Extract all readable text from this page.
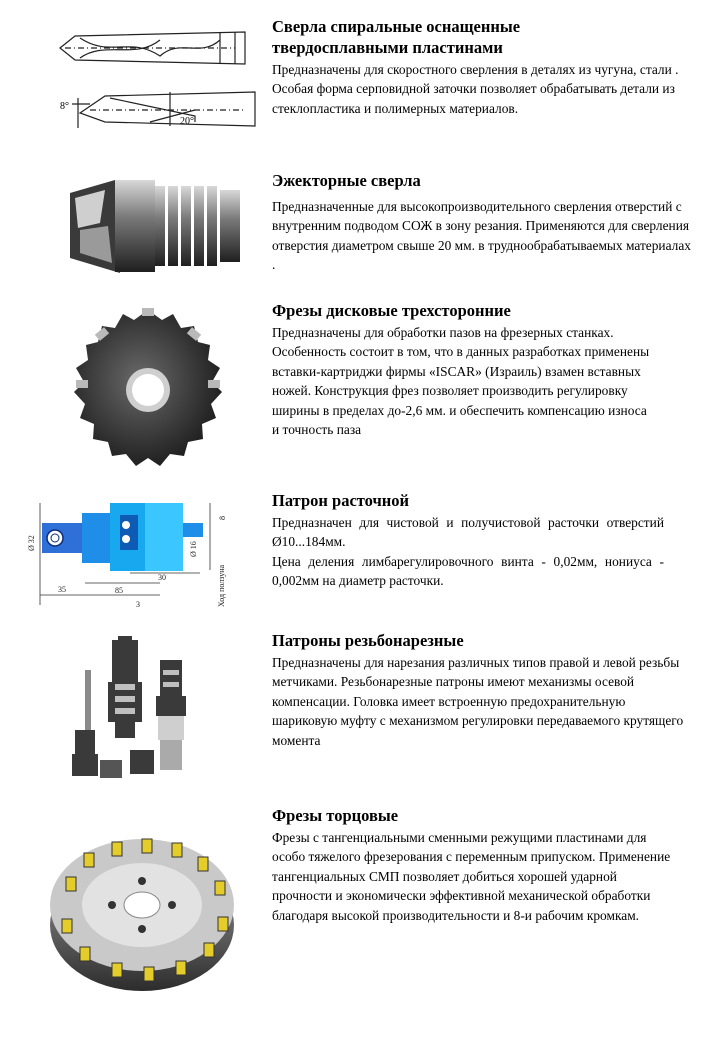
8°
20°
Сверла спиральные оснащенные
твердосплавными пластинами
Предназначены для скоростного сверления в деталях из чугуна, стали . Особая форма серповидной заточки позволяет обрабатывать детали из стеклопластика и полимерных материалов.
Эжекторные сверла
Предназначенные для высокопроизводительного сверления отверстий с внутренним подводом СОЖ в зону резания. Применяются для сверления отверстия диаметром свыше 20 мм. в труднообрабатываемых материалах .
Фрезы дисковые трехсторонние
Предназначены для обработки пазов на фрезерных станках. Особенность состоит в том, что в данных разработках применены вставки-картриджи фирмы «ISCAR» (Израиль) взамен вставных ножей. Конструкция фрез позволяет производить регулировку ширины в пределах до-2,6 мм. и обеспечить компенсацию износа и точность паза
Ø 32	Ø 16
8
Ход ползуна
35	85
30
3
Патрон расточной

Предназначен для чистовой и получистовой расточки отверстий Ø10...184мм.

Цена деления лимбарегулировочного винта - 0,02мм, нониуса - 0,002мм на диаметр расточки.

Патроны резьбонарезные
Предназначены для нарезания различных типов правой и левой резьбы метчиками. Резьбонарезные патроны имеют механизмы осевой компенсации. Головка имеет встроенную предохранительную шариковую муфту с механизмом регулировки передаваемого крутящего момента
Фрезы торцовые
Фрезы с тангенциальными сменными режущими пластинами для особо тяжелого фрезерования с переменным припуском. Применение тангенциальных СМП позволяет добиться хорошей ударной прочности и экономически эффективной механической обработки благодаря высокой производительности и 8-и рабочим кромкам.
